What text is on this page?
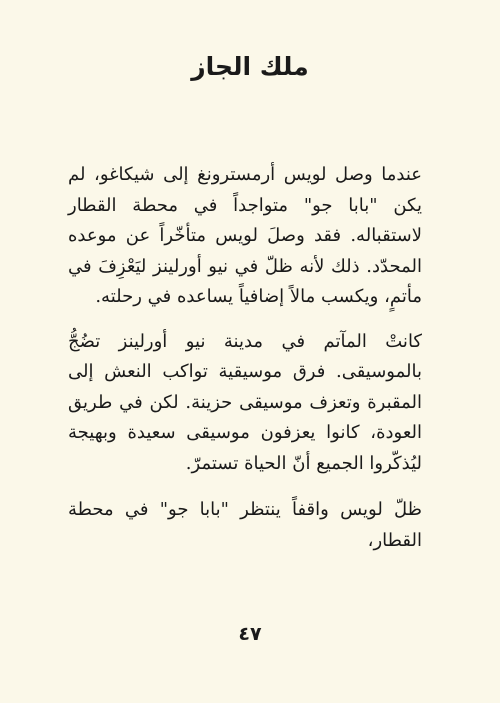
ملك الجاز

عندما وصل لويس أرمسترونغ إلى شيكاغو، لم يكن "بابا جو" متواجداً في محطة القطار لاستقباله. فقد وصلَ لويس متأخّراً عن موعده المحدّد. ذلك لأنه ظلّ في نيو أورلينز ليَعْزِفَ في مأتمٍ، ويكسب مالاً إضافياً يساعده في رحلته.

كانتْ المآتم في مدينة نيو أورلينز تضُجُّ بالموسيقى. فرق موسيقية تواكب النعش إلى المقبرة وتعزف موسيقى حزينة. لكن في طريق العودة، كانوا يعزفون موسيقى سعيدة وبهيجة ليُذكّروا الجميع أنّ الحياة تستمرّ.

ظلّ لويس واقفاً ينتظر "بابا جو" في محطة القطار،

٤٧
